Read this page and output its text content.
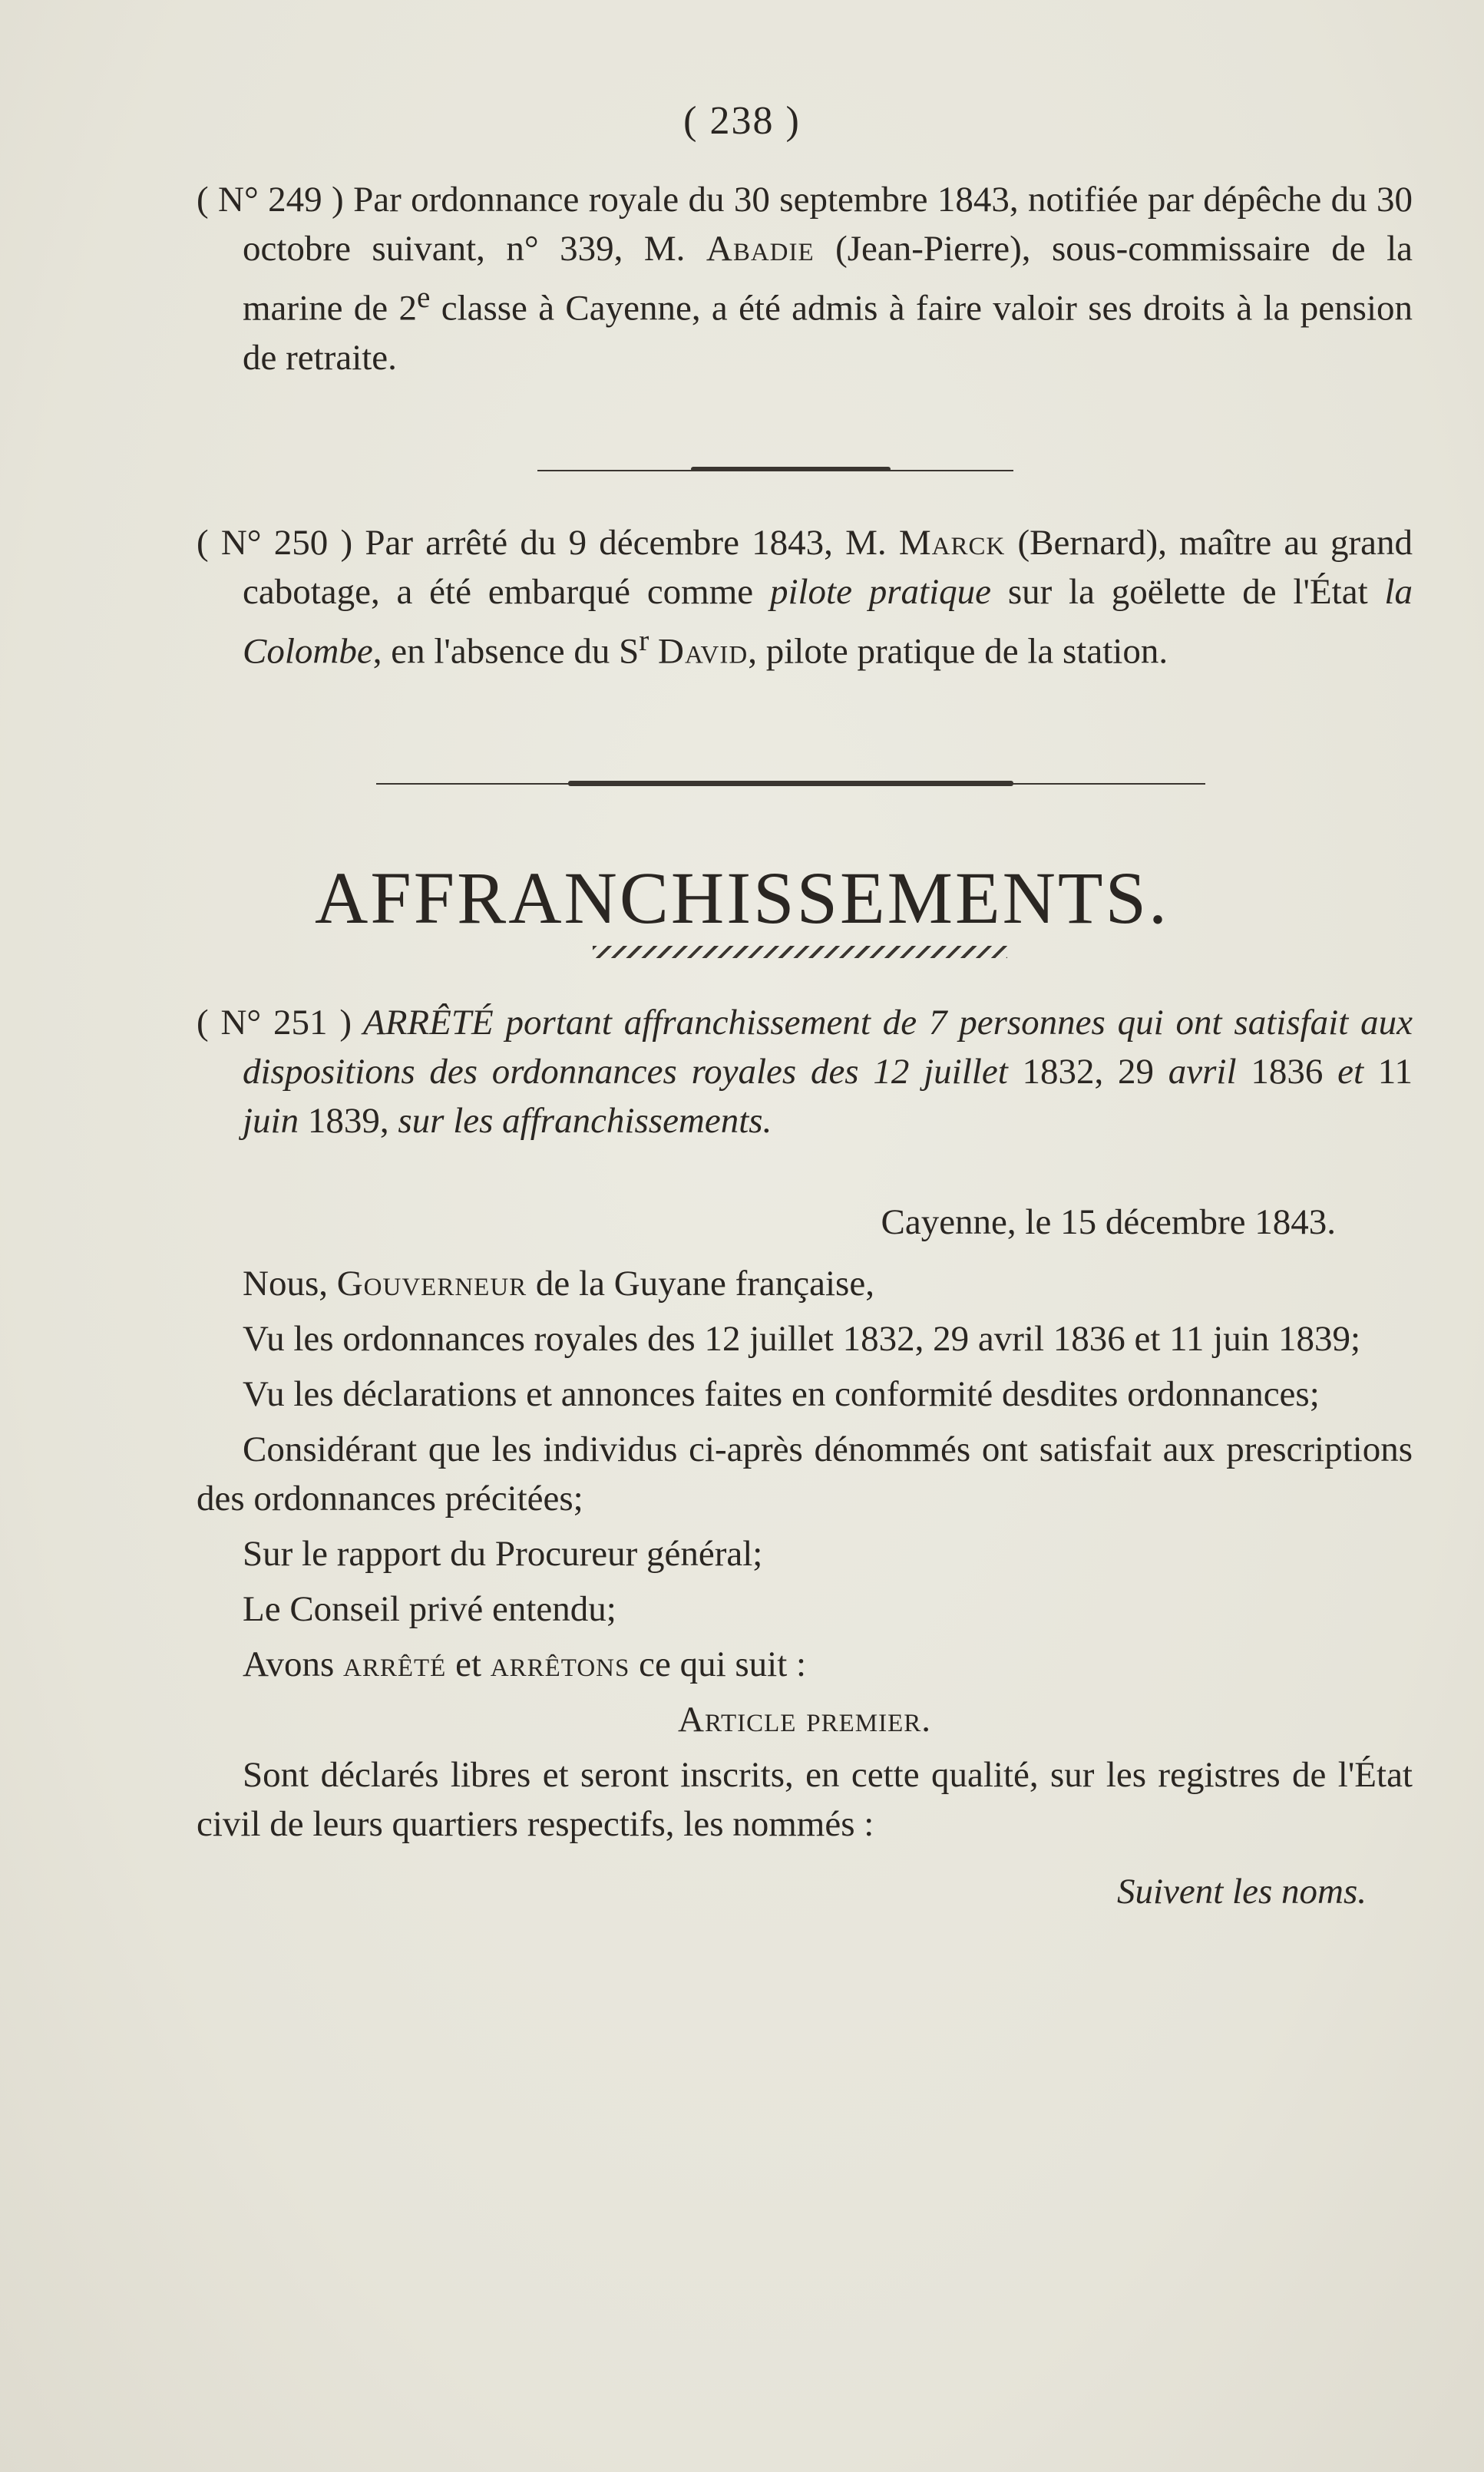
( 238 )

( N° 249 ) Par ordonnance royale du 30 septembre 1843, notifiée par dépêche du 30 octobre suivant, n° 339, M. Abadie (Jean-Pierre), sous-commissaire de la marine de 2e classe à Cayenne, a été admis à faire valoir ses droits à la pension de retraite.

( N° 250 ) Par arrêté du 9 décembre 1843, M. Marck (Bernard), maître au grand cabotage, a été embarqué comme pilote pratique sur la goëlette de l'État la Colombe, en l'absence du $S^r$ David, pilote pratique de la station.

AFFRANCHISSEMENTS.

( N° 251 ) ARRÊTÉ portant affranchissement de 7 personnes qui ont satisfait aux dispositions des ordonnances royales des 12 juillet 1832, 29 avril 1836 et 11 juin 1839, sur les affranchissements.

Cayenne, le 15 décembre 1843.

Nous, Gouverneur de la Guyane française,

Vu les ordonnances royales des 12 juillet 1832, 29 avril 1836 et 11 juin 1839;

Vu les déclarations et annonces faites en conformité desdites ordonnances;

Considérant que les individus ci-après dénommés ont satisfait aux prescriptions des ordonnances précitées;

Sur le rapport du Procureur général;

Le Conseil privé entendu;

Avons arrêté et arrêtons ce qui suit :

Article premier.

Sont déclarés libres et seront inscrits, en cette qualité, sur les registres de l'État civil de leurs quartiers respectifs, les nommés :

Suivent les noms.
